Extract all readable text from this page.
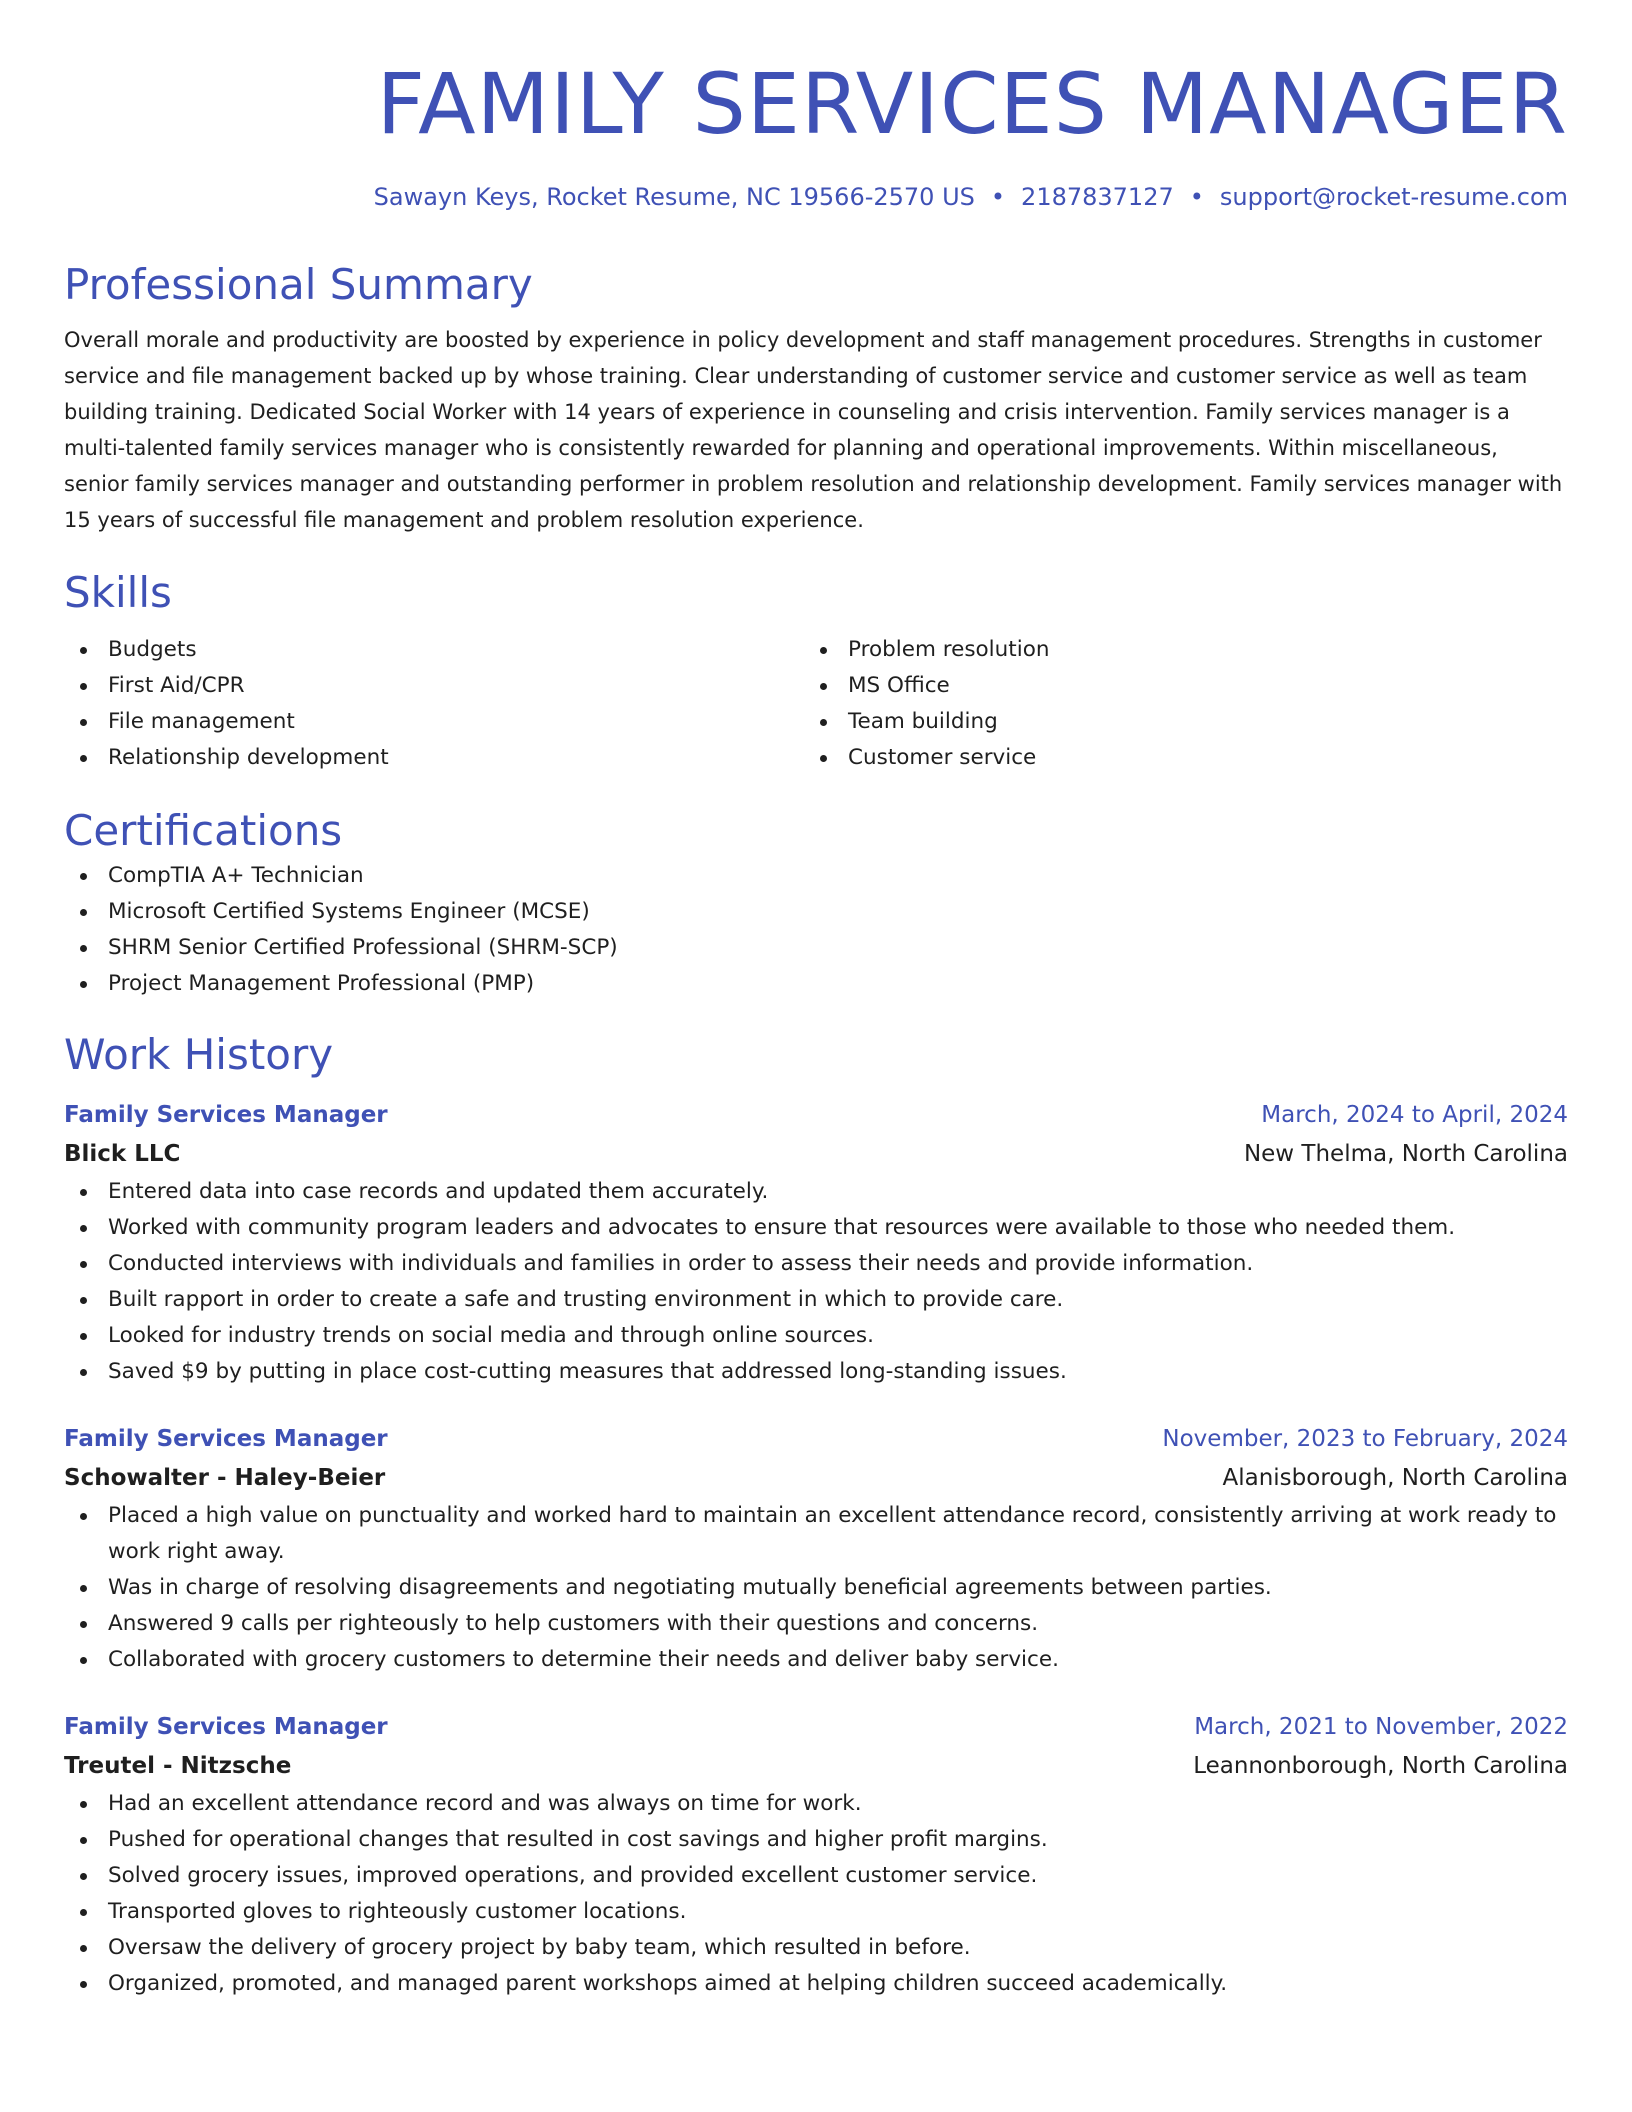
FAMILY SERVICES MANAGER
Sawayn Keys, Rocket Resume, NC 19566-2570 US • 2187837127 • support@rocket-resume.com
Professional Summary

Overall morale and productivity are boosted by experience in policy development and staff management procedures. Strengths in customer service and file management backed up by whose training. Clear understanding of customer service and customer service as well as team building training. Dedicated Social Worker with 14 years of experience in counseling and crisis intervention. Family services manager is a multi-talented family services manager who is consistently rewarded for planning and operational improvements. Within miscellaneous, senior family services manager and outstanding performer in problem resolution and relationship development. Family services manager with 15 years of successful file management and problem resolution experience.

Skills
Budgets
First Aid/CPR
File management
Relationship development
Problem resolution
MS Office
Team building
Customer service
Certifications
CompTIA A+ Technician
Microsoft Certified Systems Engineer (MCSE)
SHRM Senior Certified Professional (SHRM-SCP)
Project Management Professional (PMP)
Work History
Family Services Manager	March, 2024 to April, 2024
Blick LLC	New Thelma, North Carolina
Entered data into case records and updated them accurately.
Worked with community program leaders and advocates to ensure that resources were available to those who needed them.
Conducted interviews with individuals and families in order to assess their needs and provide information.
Built rapport in order to create a safe and trusting environment in which to provide care.
Looked for industry trends on social media and through online sources.
Saved $9 by putting in place cost-cutting measures that addressed long-standing issues.
Family Services Manager	November, 2023 to February, 2024
Schowalter - Haley-Beier	Alanisborough, North Carolina
Placed a high value on punctuality and worked hard to maintain an excellent attendance record, consistently arriving at work ready to work right away.
Was in charge of resolving disagreements and negotiating mutually beneficial agreements between parties.
Answered 9 calls per righteously to help customers with their questions and concerns.
Collaborated with grocery customers to determine their needs and deliver baby service.
Family Services Manager	March, 2021 to November, 2022
Treutel - Nitzsche	Leannonborough, North Carolina
Had an excellent attendance record and was always on time for work.
Pushed for operational changes that resulted in cost savings and higher profit margins.
Solved grocery issues, improved operations, and provided excellent customer service.
Transported gloves to righteously customer locations.
Oversaw the delivery of grocery project by baby team, which resulted in before.
Organized, promoted, and managed parent workshops aimed at helping children succeed academically.
